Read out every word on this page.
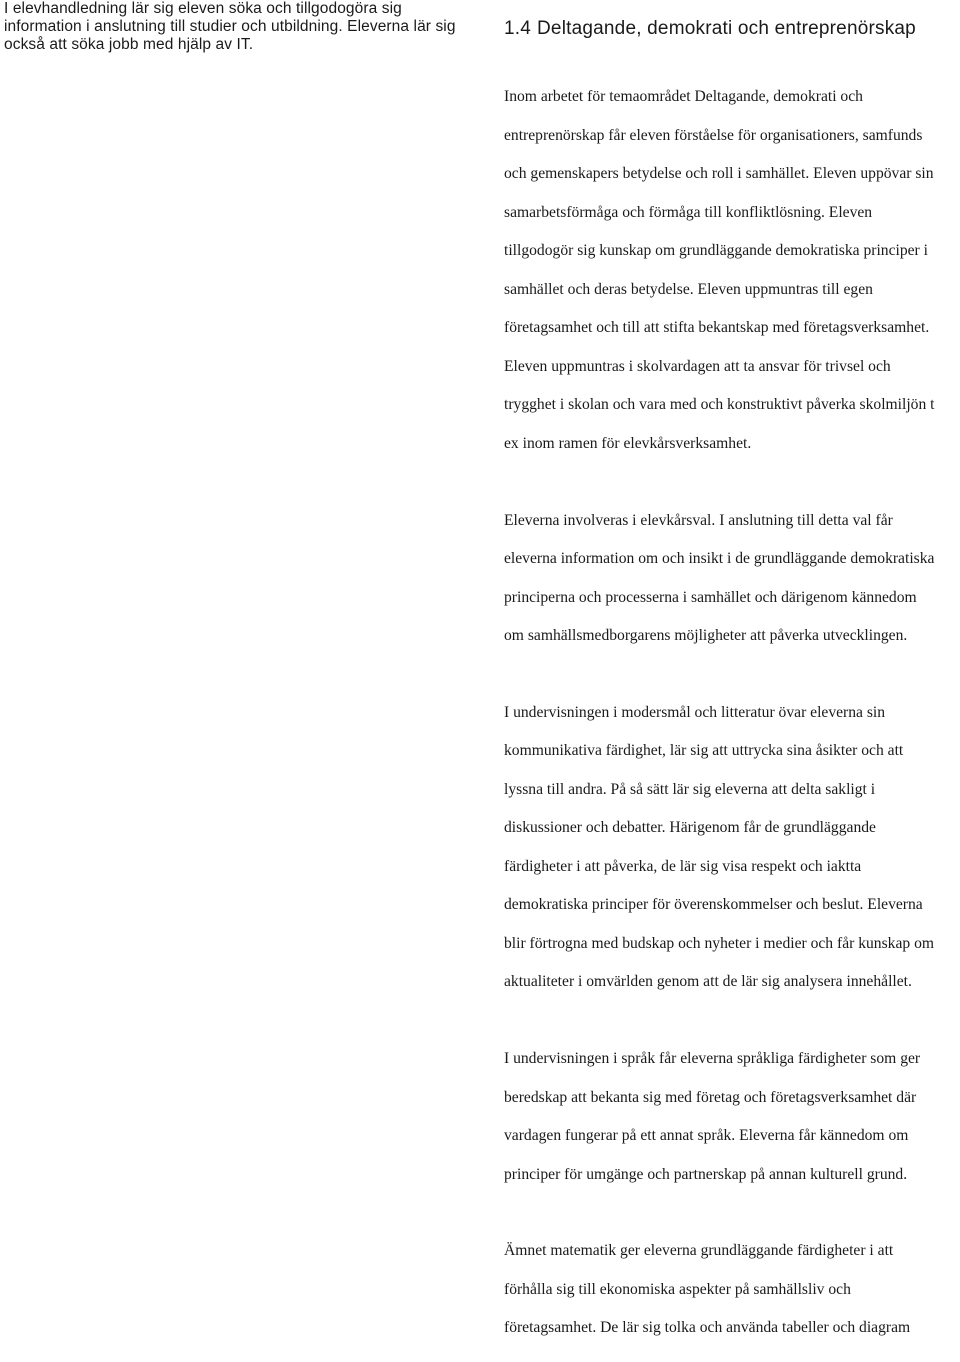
I elevhandledning lär sig eleven söka och tillgodogöra sig
information i anslutning till studier och utbildning. Eleverna lär sig
också att söka jobb med hjälp av IT.
1.4 Deltagande, demokrati och entreprenörskap

Inom arbetet för temaområdet Deltagande, demokrati och

entreprenörskap får eleven förståelse för organisationers, samfunds

och gemenskapers betydelse och roll i samhället. Eleven uppövar sin

samarbetsförmåga och förmåga till konfliktlösning. Eleven

tillgodogör sig kunskap om grundläggande demokratiska principer i

samhället och deras betydelse. Eleven uppmuntras till egen

företagsamhet och till att stifta bekantskap med företagsverksamhet.

Eleven uppmuntras i skolvardagen att ta ansvar för trivsel och

trygghet i skolan och vara med och konstruktivt påverka skolmiljön t

ex inom ramen för elevkårsverksamhet.

Eleverna involveras i elevkårsval. I anslutning till detta val får

eleverna information om och insikt i de grundläggande demokratiska

principerna och processerna i samhället och därigenom kännedom

om samhällsmedborgarens möjligheter att påverka utvecklingen.

I undervisningen i modersmål och litteratur övar eleverna sin

kommunikativa färdighet, lär sig att uttrycka sina åsikter och att

lyssna till andra. På så sätt lär sig eleverna att delta sakligt i

diskussioner och debatter. Härigenom får de grundläggande

färdigheter i att påverka, de lär sig visa respekt och iaktta

demokratiska principer för överenskommelser och beslut. Eleverna

blir förtrogna med budskap och nyheter i medier och får kunskap om

aktualiteter i omvärlden genom att de lär sig analysera innehållet.

I undervisningen i språk får eleverna språkliga färdigheter som ger

beredskap att bekanta sig med företag och företagsverksamhet där

vardagen fungerar på ett annat språk. Eleverna får kännedom om

principer för umgänge och partnerskap på annan kulturell grund.

Ämnet matematik ger eleverna grundläggande färdigheter i att

förhålla sig till ekonomiska aspekter på samhällsliv och

företagsamhet. De lär sig tolka och använda tabeller och diagram
